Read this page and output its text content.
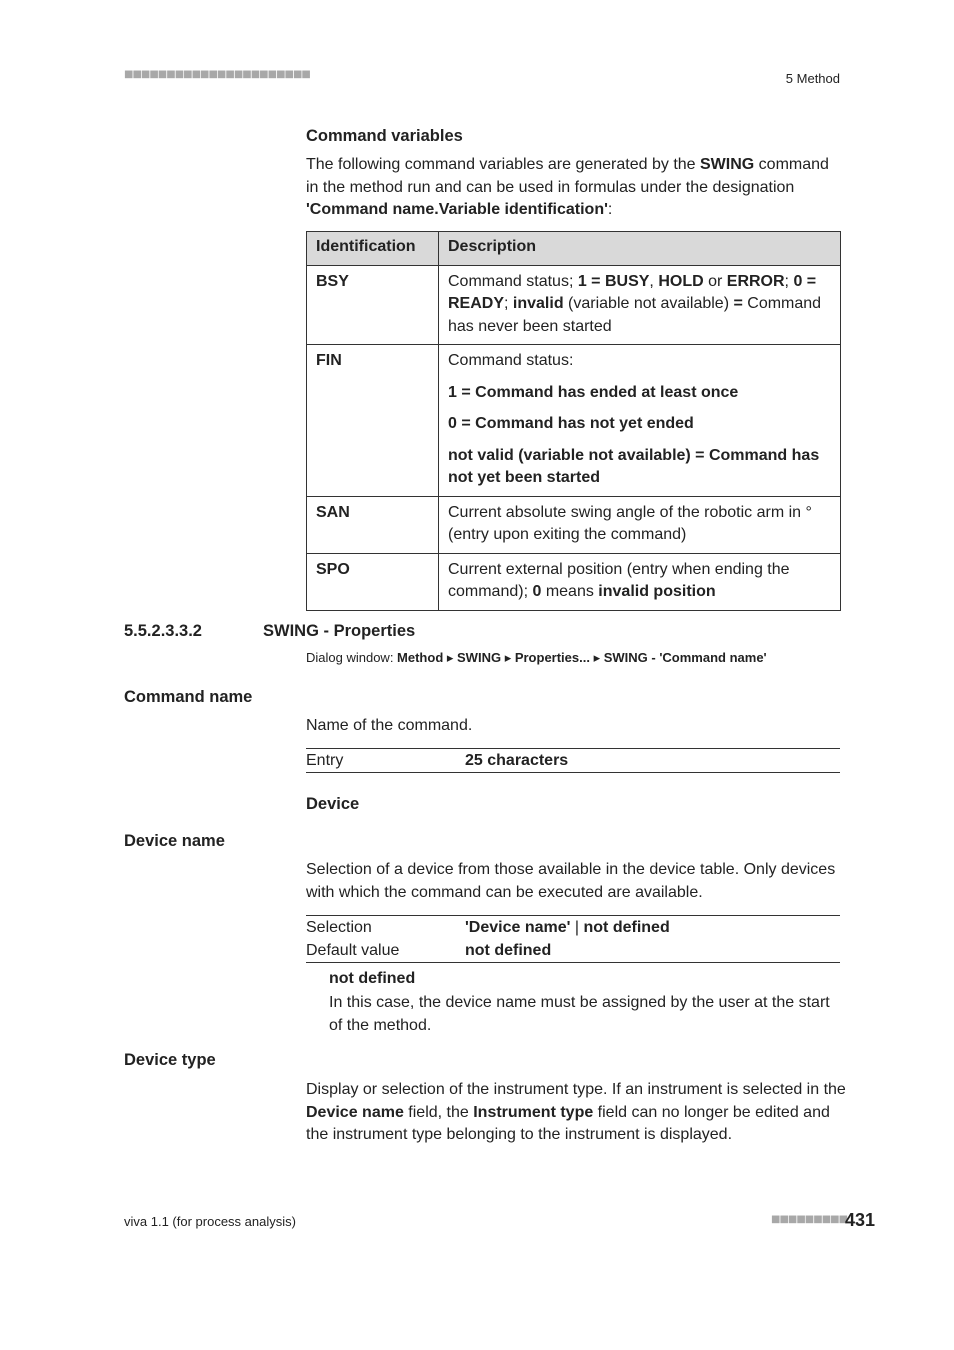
■■■■■■■■■■■■■■■■■■■■■■	5 Method
Command variables
The following command variables are generated by the SWING command in the method run and can be used in formulas under the designation 'Command name.Variable identification':
Identification	Description
BSY	Command status; 1 = BUSY, HOLD or ERROR; 0 = READY; invalid (variable not available) = Command has never been started
FIN	Command status:

1 = Command has ended at least once

0 = Command has not yet ended

not valid (variable not available) = Command has not yet been started

SAN	Current absolute swing angle of the robotic arm in ° (entry upon exiting the command)
SPO	Current external position (entry when ending the command); 0 means invalid position
5.5.2.3.3.2	SWING - Properties
Dialog window: Method ▸ SWING ▸ Properties... ▸ SWING - 'Command name'
Command name
Name of the command.
Entry	25 characters
Device
Device name
Selection of a device from those available in the device table. Only devices with which the command can be executed are available.
Selection	'Device name' | not defined
Default value	not defined
not defined
In this case, the device name must be assigned by the user at the start of the method.
Device type
Display or selection of the instrument type. If an instrument is selected in the Device name field, the Instrument type field can no longer be edited and the instrument type belonging to the instrument is displayed.
viva 1.1 (for process analysis)	■■■■■■■■■
431
